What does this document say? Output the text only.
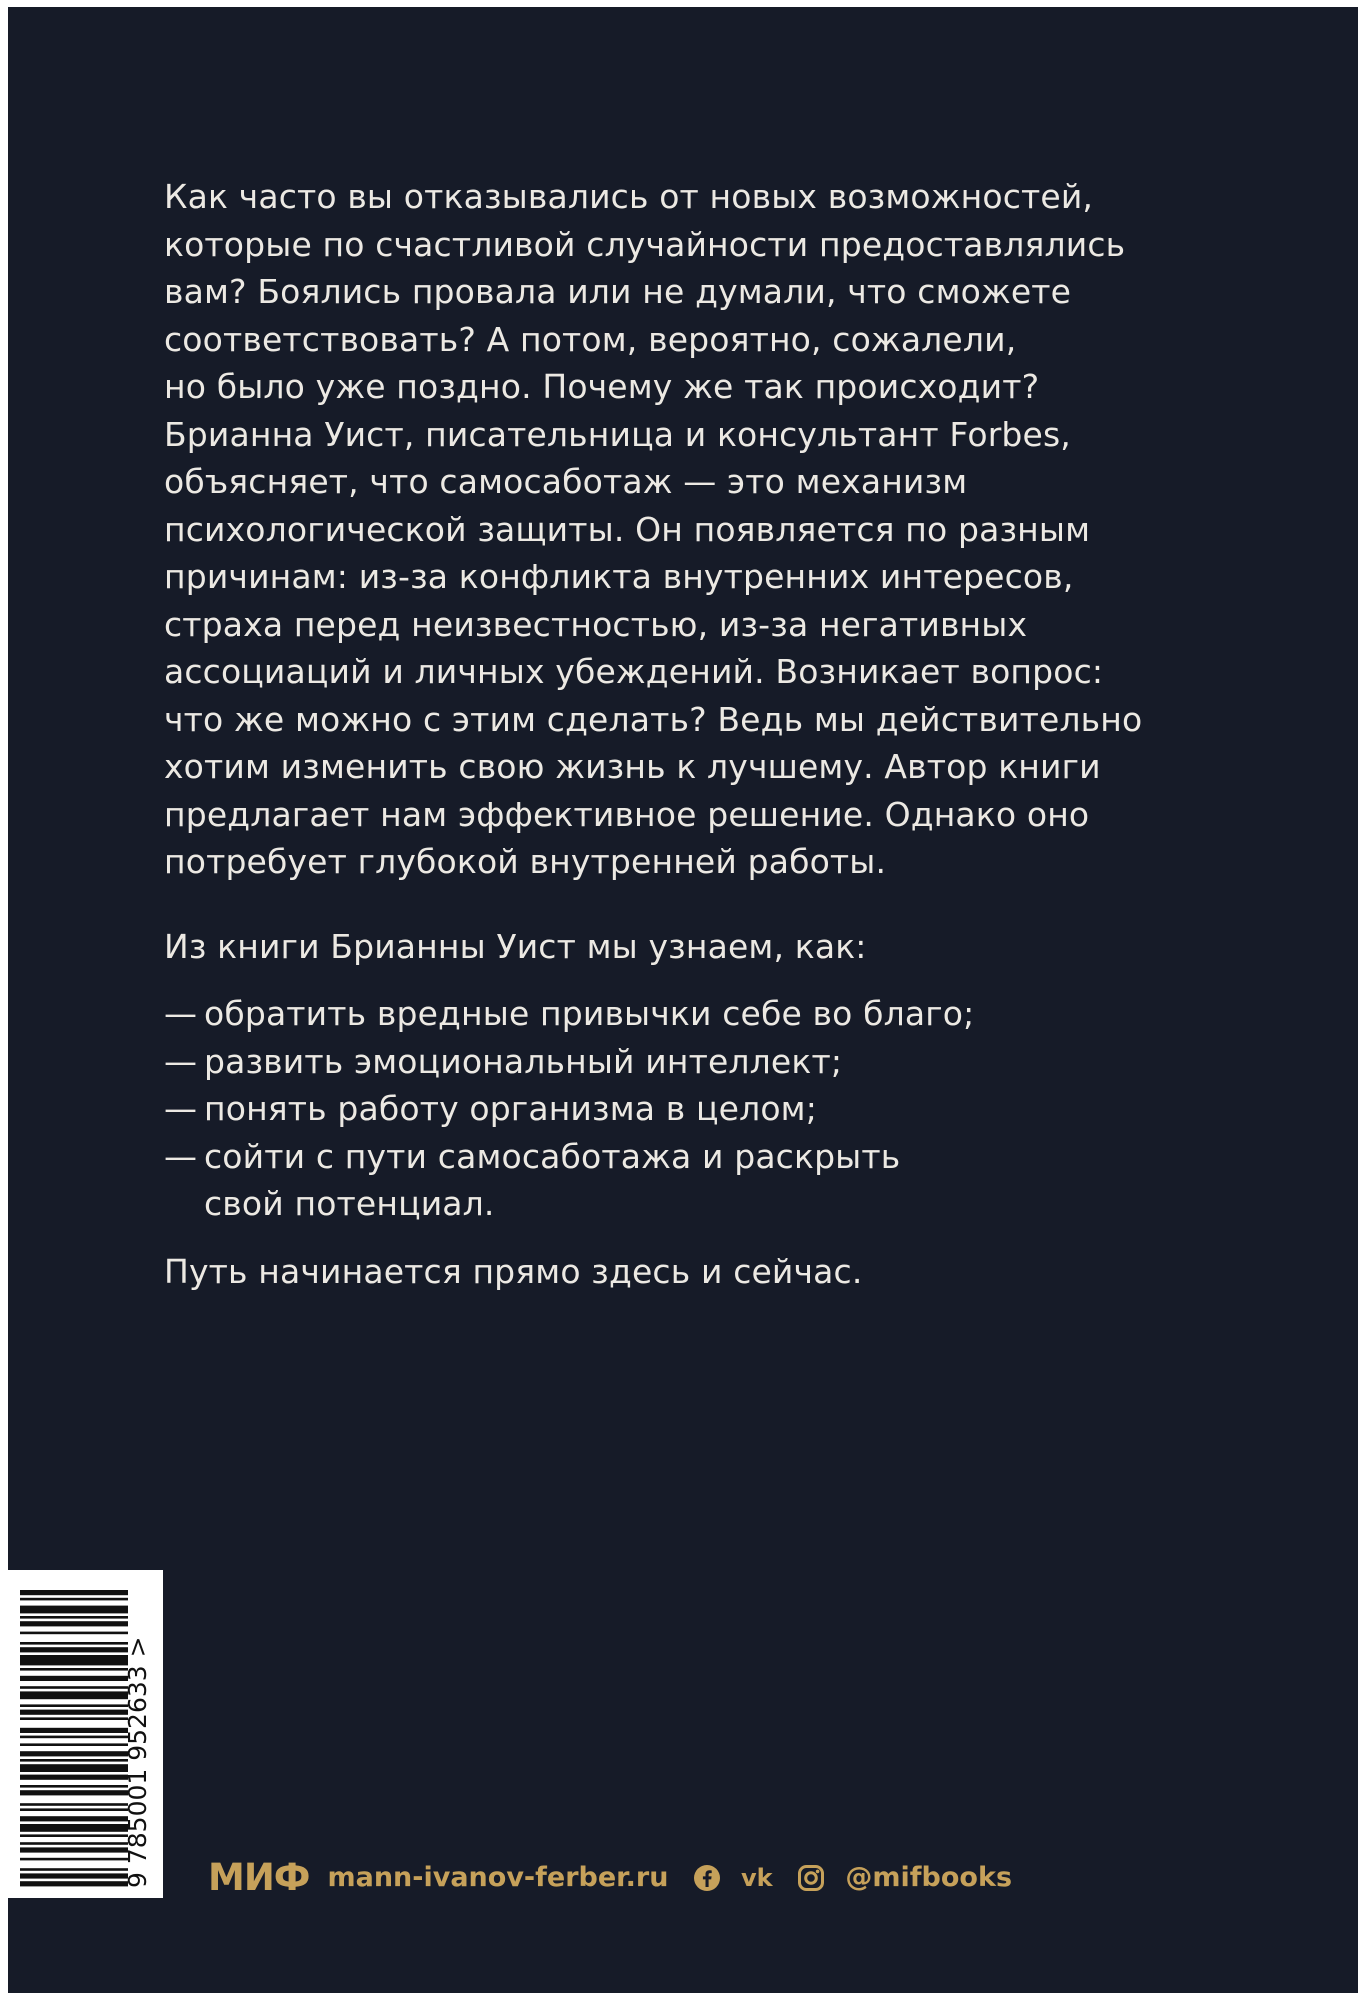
Как часто вы отказывались от новых возможностей,
которые по счастливой случайности предоставлялись
вам? Боялись провала или не думали, что сможете
соответствовать? А потом, вероятно, сожалели,
но было уже поздно. Почему же так происходит?
Брианна Уист, писательница и консультант Forbes,
объясняет, что самосаботаж — это механизм
психологической защиты. Он появляется по разным
причинам: из-за конфликта внутренних интересов,
страха перед неизвестностью, из-за негативных
ассоциаций и личных убеждений. Возникает вопрос:
что же можно с этим сделать? Ведь мы действительно
хотим изменить свою жизнь к лучшему. Автор книги
предлагает нам эффективное решение. Однако оно
потребует глубокой внутренней работы.

Из книги Брианны Уист мы узнаем, как:

— обратить вредные привычки себе во благо;
— развить эмоциональный интеллект;
— понять работу организма в целом;
— сойти с пути самосаботажа и раскрыть
свой потенциал.

Путь начинается прямо здесь и сейчас.

9 785001 952633 > МИФ mann-ivanov-ferber.ru	vk	@mifbooks
